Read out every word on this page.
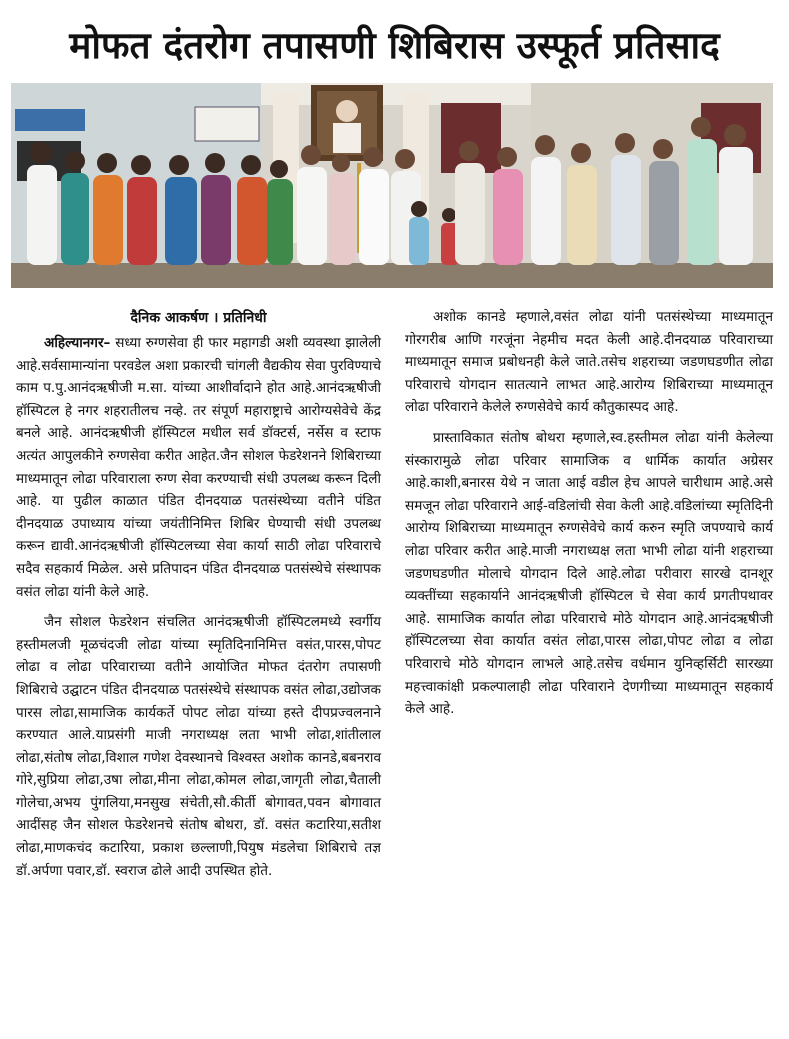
मोफत दंतरोग तपासणी शिबिरास उस्फूर्त प्रतिसाद
दैनिक आकर्षण । प्रतिनिधी

अहिल्यानगर– सध्या रुग्णसेवा ही फार महागडी अशी व्यवस्था झालेली आहे.सर्वसामान्यांना परवडेल अशा प्रकारची चांगली वैद्यकीय सेवा पुरविण्याचे काम प.पु.आनंदऋषीजी म.सा. यांच्या आशीर्वादाने होत आहे.आनंदऋषीजी हॉस्पिटल हे नगर शहरातीलच नव्हे. तर संपूर्ण महाराष्ट्राचे आरोग्यसेवेचे केंद्र बनले आहे. आनंदऋषीजी हॉस्पिटल मधील सर्व डॉक्टर्स, नर्सेस व स्टाफ अत्यंत आपुलकीने रुग्णसेवा करीत आहेत.जैन सोशल फेडरेशनने शिबिराच्या माध्यमातून लोढा परिवाराला रुग्ण सेवा करण्याची संधी उपलब्ध करून दिली आहे. या पुढील काळात पंडित दीनदयाळ पतसंस्थेच्या वतीने पंडित दीनदयाळ उपाध्याय यांच्या जयंतीनिमित्त शिबिर घेण्याची संधी उपलब्ध करून द्यावी.आनंदऋषीजी हॉस्पिटलच्या सेवा कार्या साठी लोढा परिवाराचे सदैव सहकार्य मिळेल. असे प्रतिपादन पंडित दीनदयाळ पतसंस्थेचे संस्थापक वसंत लोढा यांनी केले आहे.

जैन सोशल फेडरेशन संचलित आनंदऋषीजी हॉस्पिटलमध्ये स्वर्गीय हस्तीमलजी मूळचंदजी लोढा यांच्या स्मृतिदिनानिमित्त वसंत,पारस,पोपट लोढा व लोढा परिवाराच्या वतीने आयोजित मोफत दंतरोग तपासणी शिबिराचे उद्घाटन पंडित दीनदयाळ पतसंस्थेचे संस्थापक वसंत लोढा,उद्योजक पारस लोढा,सामाजिक कार्यकर्ते पोपट लोढा यांच्या हस्ते दीपप्रज्वलनाने करण्यात आले.याप्रसंगी माजी नगराध्यक्ष लता भाभी लोढा,शांतीलाल लोढा,संतोष लोढा,विशाल गणेश देवस्थानचे विश्वस्त अशोक कानडे,बबनराव गोरे,सुप्रिया लोढा,उषा लोढा,मीना लोढा,कोमल लोढा,जागृती लोढा,चैताली गोलेचा,अभय पुंगलिया,मनसुख संचेती,सौ.कीर्ती बोगावत,पवन बोगावात आदींसह जैन सोशल फेडरेशनचे संतोष बोथरा, डॉ. वसंत कटारिया,सतीश लोढा,माणकचंद कटारिया, प्रकाश छल्लाणी,पियुष मंडलेचा शिबिराचे तज्ञ डॉ.अर्पणा पवार,डॉ. स्वराज ढोले आदी उपस्थित होते.

अशोक कानडे म्हणाले,वसंत लोढा यांनी पतसंस्थेच्या माध्यमातून गोरगरीब आणि गरजूंना नेहमीच मदत केली आहे.दीनदयाळ परिवाराच्या माध्यमातून समाज प्रबोधनही केले जाते.तसेच शहराच्या जडणघडणीत लोढा परिवाराचे योगदान सातत्याने लाभत आहे.आरोग्य शिबिराच्या माध्यमातून लोढा परिवाराने केलेले रुग्णसेवेचे कार्य कौतुकास्पद आहे.

प्रास्ताविकात संतोष बोथरा म्हणाले,स्व.हस्तीमल लोढा यांनी केलेल्या संस्कारामुळे लोढा परिवार सामाजिक व धार्मिक कार्यात अग्रेसर आहे.काशी,बनारस येथे न जाता आई वडील हेच आपले चारीधाम आहे.असे समजून लोढा परिवाराने आई-वडिलांची सेवा केली आहे.वडिलांच्या स्मृतिदिनी आरोग्य शिबिराच्या माध्यमातून रुग्णसेवेचे कार्य करुन स्मृति जपण्याचे कार्य लोढा परिवार करीत आहे.माजी नगराध्यक्ष लता भाभी लोढा यांनी शहराच्या जडणघडणीत मोलाचे योगदान दिले आहे.लोढा परीवारा सारखे दानशूर व्यक्तींच्या सहकार्याने आनंदऋषीजी हॉस्पिटल चे सेवा कार्य प्रगतीपथावर आहे. सामाजिक कार्यात लोढा परिवाराचे मोठे योगदान आहे.आनंदऋषीजी हॉस्पिटलच्या सेवा कार्यात वसंत लोढा,पारस लोढा,पोपट लोढा व लोढा परिवाराचे मोठे योगदान लाभले आहे.तसेच वर्धमान युनिव्हर्सिटी सारख्या महत्त्वाकांक्षी प्रकल्पालाही लोढा परिवाराने देणगीच्या माध्यमातून सहकार्य केले आहे.
